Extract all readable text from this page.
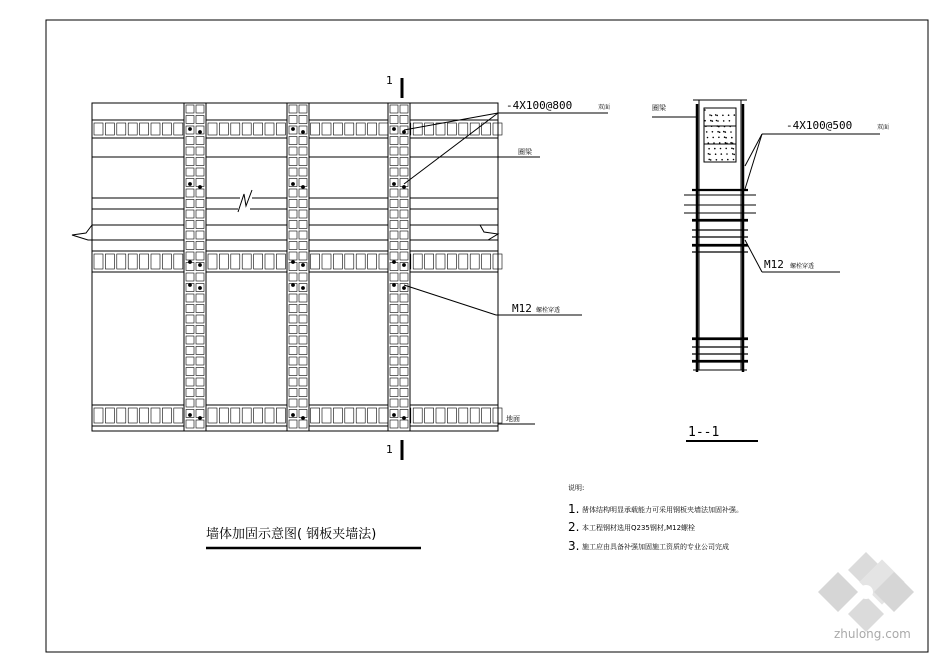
1
1
-4X100@800	双面
圈梁
M12 螺栓穿透
地面
墙体加固示意图( 钢板夹墙法)
圈梁
-4X100@500	双面
M12 螺栓穿透
1--1
说明:
1. 凿体结构明显承载能力可采用钢板夹墙法加固补强。
2. 本工程钢材选用Q235钢材,M12螺栓
3. 施工应由具备补强加固施工资质的专业公司完成
zhulong.com
